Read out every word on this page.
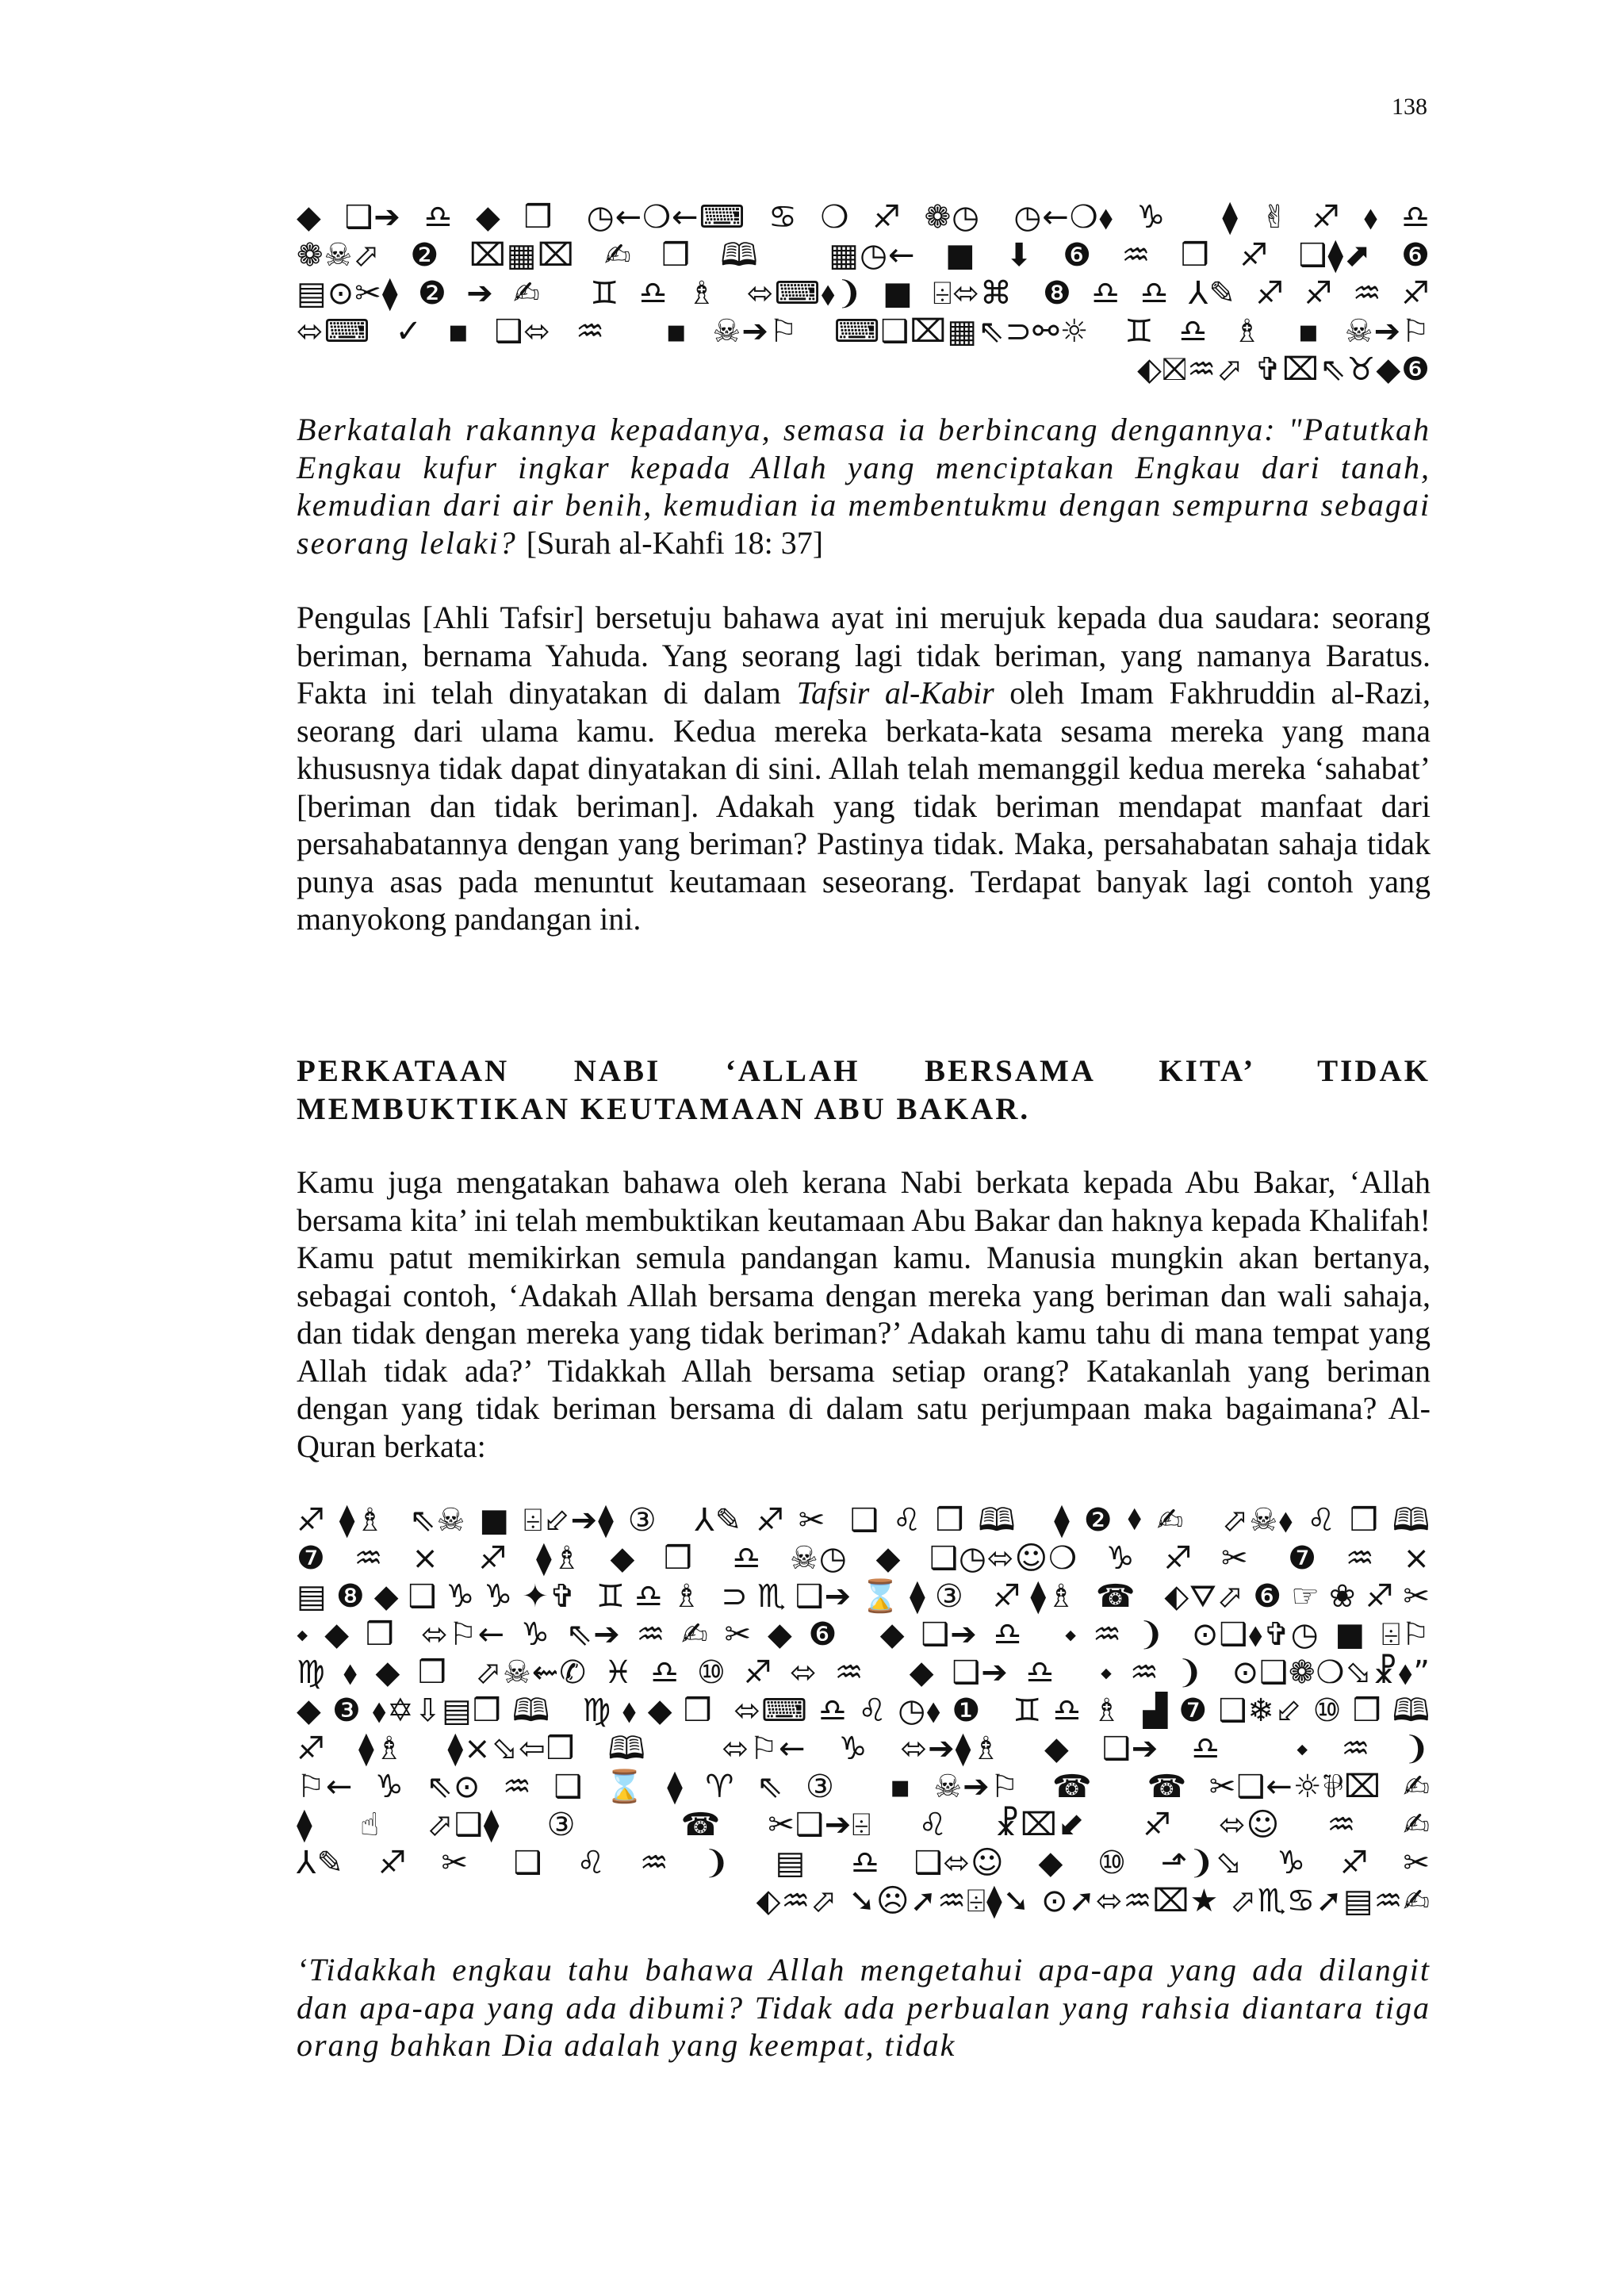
138
◆❑➔♎◆❒ ◷←❍←⌨♋❍♐❁◷ ◷←❍⬧♑ ⧫✌♐⬧♎
❁☠⬀❷⌧▦⌧✍❒🕮 ▦◷←■⬇❻♒❒♐❑⧫⬈❻
▤⊙✂⧫❷➔✍ ♊♎♗ ⬄⌨⬧❩■⌹⬄⌘ ❽♎♎⅄✎♐♐♒♐
⬄⌨✓▪❑⬄♒ ▪☠➔⚐ ⌨❑⌧▦⇖⊃⚯☼ ♊♎♗ ▪☠➔⚐
⬖⛝♒⬀ ✞⌧⇖♉◆❻

Berkatalah rakannya kepadanya, semasa ia berbincang dengannya: "Patutkah Engkau kufur ingkar kepada Allah yang menciptakan Engkau dari tanah, kemudian dari air benih, kemudian ia membentukmu dengan sempurna sebagai seorang lelaki? [Surah al-Kahfi 18: 37]

Pengulas [Ahli Tafsir] bersetuju bahawa ayat ini merujuk kepada dua saudara: seorang beriman, bernama Yahuda. Yang seorang lagi tidak beriman, yang namanya Baratus. Fakta ini telah dinyatakan di dalam Tafsir al-Kabir oleh Imam Fakhruddin al-Razi, seorang dari ulama kamu. Kedua mereka berkata-kata sesama mereka yang mana khususnya tidak dapat dinyatakan di sini. Allah telah memanggil kedua mereka ‘sahabat’ [beriman dan tidak beriman]. Adakah yang tidak beriman mendapat manfaat dari persahabatannya dengan yang beriman? Pastinya tidak. Maka, persahabatan sahaja tidak punya asas pada menuntut keutamaan seseorang. Terdapat banyak lagi contoh yang manyokong pandangan ini.

PERKATAAN NABI ‘ALLAH BERSAMA KITA’ TIDAK
MEMBUKTIKAN KEUTAMAAN ABU BAKAR.

Kamu juga mengatakan bahawa oleh kerana Nabi berkata kepada Abu Bakar, ‘Allah bersama kita’ ini telah membuktikan keutamaan Abu Bakar dan haknya kepada Khalifah! Kamu patut memikirkan semula pandangan kamu. Manusia mungkin akan bertanya, sebagai contoh, ‘Adakah Allah bersama dengan mereka yang beriman dan wali sahaja, dan tidak dengan mereka yang tidak beriman?’ Adakah kamu tahu di mana tempat yang Allah tidak ada?’ Tidakkah Allah bersama setiap orang? Katakanlah yang beriman dengan yang tidak beriman bersama di dalam satu perjumpaan maka bagaimana? Al-Quran berkata:

♐⧫♗ ⇖☠■⌹⬃➔⧫③ ⅄✎♐✂ ❑♌❒🕮 ⧫❷⬧✍ ⬀☠⬧♌❒🕮
❼♒× ♐⧫♗◆❒ ♎☠◷◆❑◷⬄☺❍♑♐✂ ❼♒×
▤❽◆❑♑♑✦✞ ♊♎♗ ⊃♏❑➔⌛⧫③ ♐⧫♗ ☎ ⬖⛛⬀❻☞❀♐✂
⬩◆❒ ⬄⚐←♑⇖➔♒✍✂◆❻ ◆❑➔♎ ⬩♒❩ ⊙❑⬧✞◷■⌹⚐
♍⬧◆❒ ⬀☠⇜✆♓♎⑩♐⬄♒ ◆❑➔♎ ⬩♒❩ ⊙❑❁❍⬂☧⬧”
◆❸⬧✡⇩▤❒🕮 ♍⬧◆❒ ⬄⌨♎♌◷⬧❶ ♊♎♗ ▟❼❑❄⬃⑩❒🕮
♐⧫♗ ⧫×⬂⇦❒🕮 ⬄⚐←♑⬄➔⧫♗ ◆❑➔♎ ⬩♒❩
⚐←♑⇖⊙♒❑⌛⧫♈⇖③ ▪☠➔⚐ ☎ ☎✂❑←☼⅌⌧✍
⧫☝⬀❑⧫③ ☎✂❑➔⌹♌☧⌧⬋ ♐⬄☺♒✍
⅄✎♐✂ ❑♌♒❩ ▤ ♎❑⬄☺◆⑩⬏❩⬂♑♐✂
⬖♒⬀ ➘☹➚♒⌹⧫➘ ⊙➚⬄♒⌧★ ⬀♏♋➚▤♒✍

‘Tidakkah engkau tahu bahawa Allah mengetahui apa-apa yang ada dilangit dan apa-apa yang ada dibumi? Tidak ada perbualan yang rahsia diantara tiga orang bahkan Dia adalah yang keempat, tidak
